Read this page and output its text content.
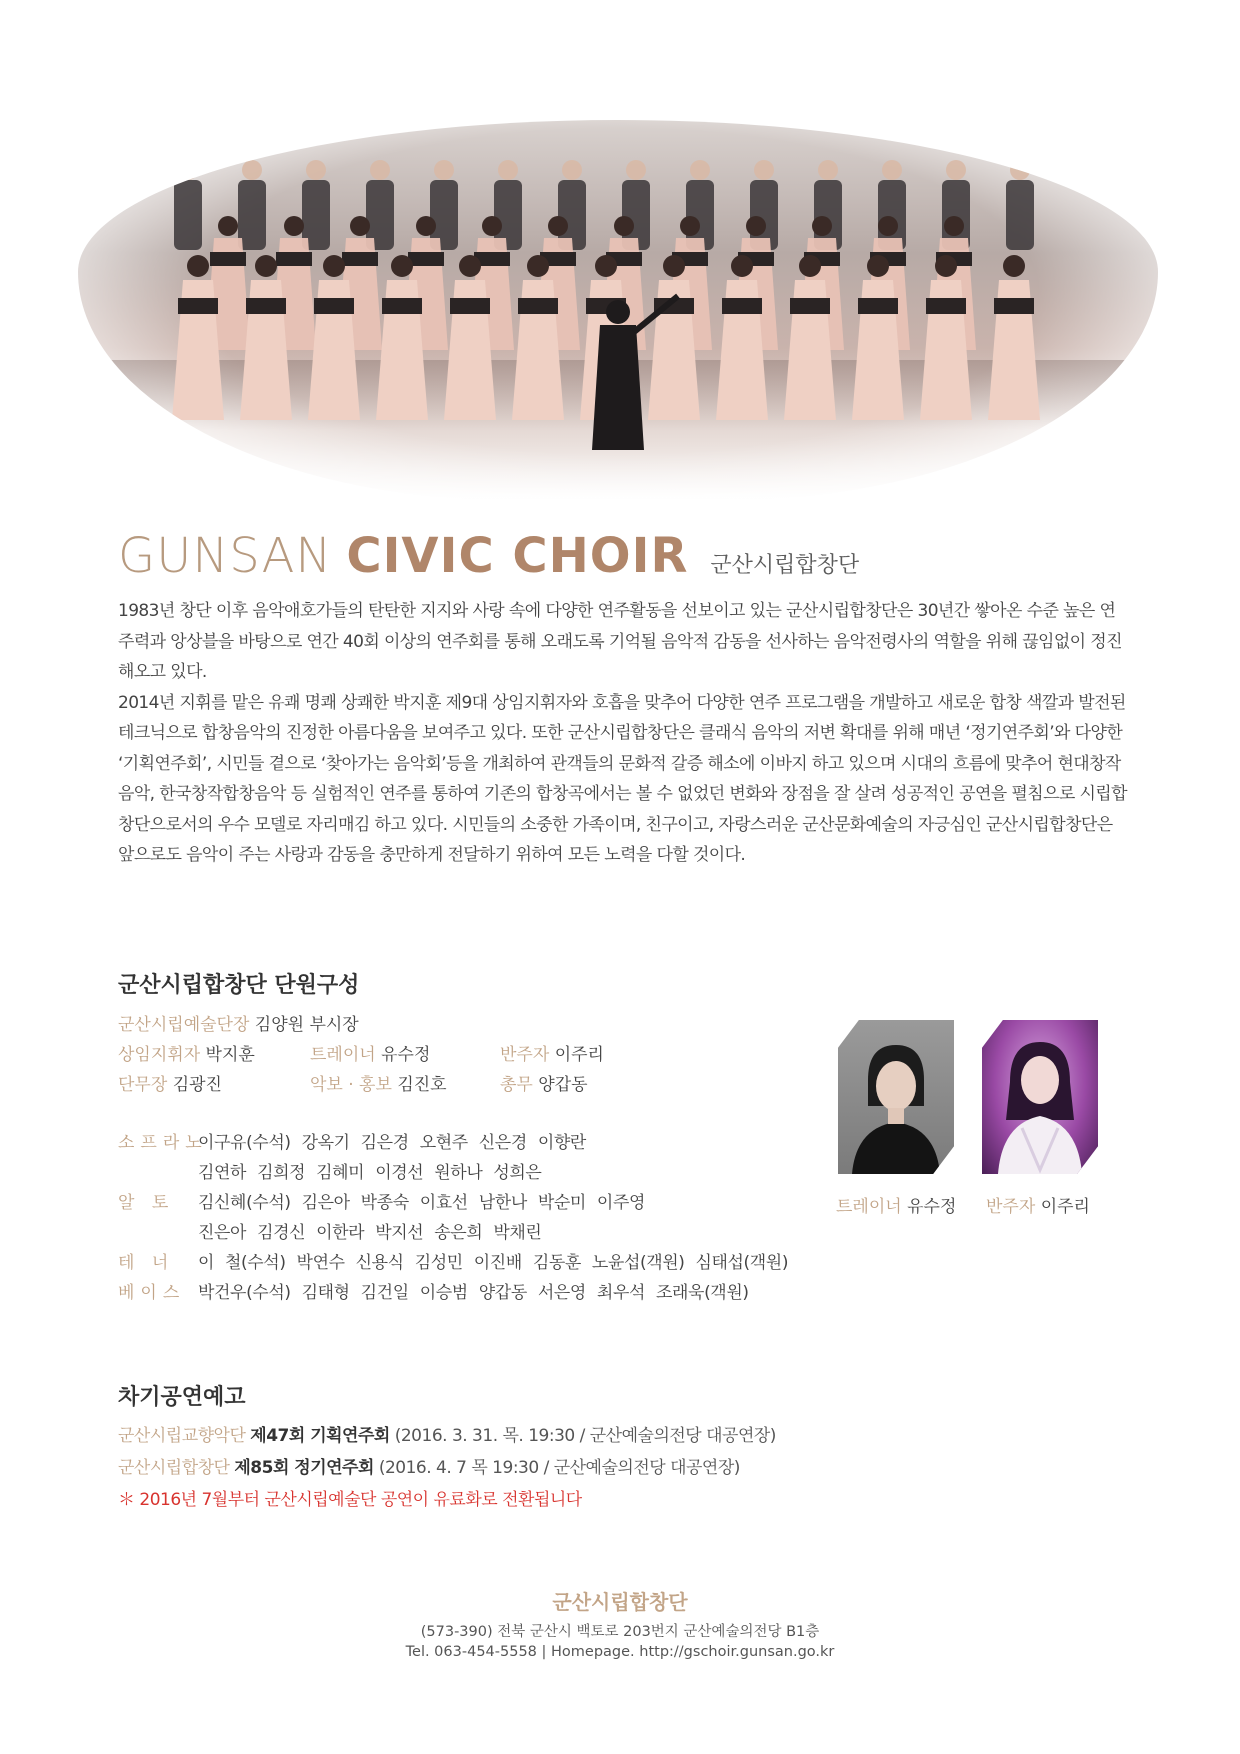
GUNSAN CIVIC CHOIR 군산시립합창단

1983년 창단 이후 음악애호가들의 탄탄한 지지와 사랑 속에 다양한 연주활동을 선보이고 있는 군산시립합창단은 30년간 쌓아온 수준 높은 연주력과 앙상블을 바탕으로 연간 40회 이상의 연주회를 통해 오래도록 기억될 음악적 감동을 선사하는 음악전령사의 역할을 위해 끊임없이 정진해오고 있다.

2014년 지휘를 맡은 유쾌 명쾌 상쾌한 박지훈 제9대 상임지휘자와 호흡을 맞추어 다양한 연주 프로그램을 개발하고 새로운 합창 색깔과 발전된 테크닉으로 합창음악의 진정한 아름다움을 보여주고 있다. 또한 군산시립합창단은 클래식 음악의 저변 확대를 위해 매년 ‘정기연주회’와 다양한 ‘기획연주회’, 시민들 곁으로 ‘찾아가는 음악회’등을 개최하여 관객들의 문화적 갈증 해소에 이바지 하고 있으며 시대의 흐름에 맞추어 현대창작음악, 한국창작합창음악 등 실험적인 연주를 통하여 기존의 합창곡에서는 볼 수 없었던 변화와 장점을 잘 살려 성공적인 공연을 펼침으로 시립합창단으로서의 우수 모델로 자리매김 하고 있다. 시민들의 소중한 가족이며, 친구이고, 자랑스러운 군산문화예술의 자긍심인 군산시립합창단은 앞으로도 음악이 주는 사랑과 감동을 충만하게 전달하기 위하여 모든 노력을 다할 것이다.

군산시립합창단 단원구성
군산시립예술단장
김양원 부시장
상임지휘자 박지훈	트레이너 유수정	반주자 이주리
단무장 김광진	악보 · 홍보 김진호	총무 양갑동
소프라노
이구유(수석) 강옥기 김은경 오현주 신은경 이향란
김연하 김희정 김혜미 이경선 원하나 성희은
알 토	김신혜(수석) 김은아 박종숙 이효선 남한나 박순미 이주영
진은아 김경신 이한라 박지선 송은희 박채린
테 너	이 철(수석) 박연수 신용식 김성민 이진배 김동훈 노윤섭(객원) 심태섭(객원)
베이스 박건우(수석) 김태형 김건일 이승범 양갑동 서은영 최우석 조래욱(객원)
트레이너 유수정 반주자 이주리
차기공연예고
군산시립교향악단 제47회 기획연주회 (2016. 3. 31. 목. 19:30 / 군산예술의전당 대공연장)
군산시립합창단 제85회 정기연주회 (2016. 4. 7 목 19:30 / 군산예술의전당 대공연장)
＊ 2016년 7월부터 군산시립예술단 공연이 유료화로 전환됩니다
군산시립합창단
(573-390) 전북 군산시 백토로 203번지 군산예술의전당 B1층
Tel. 063-454-5558 | Homepage. http://gschoir.gunsan.go.kr
